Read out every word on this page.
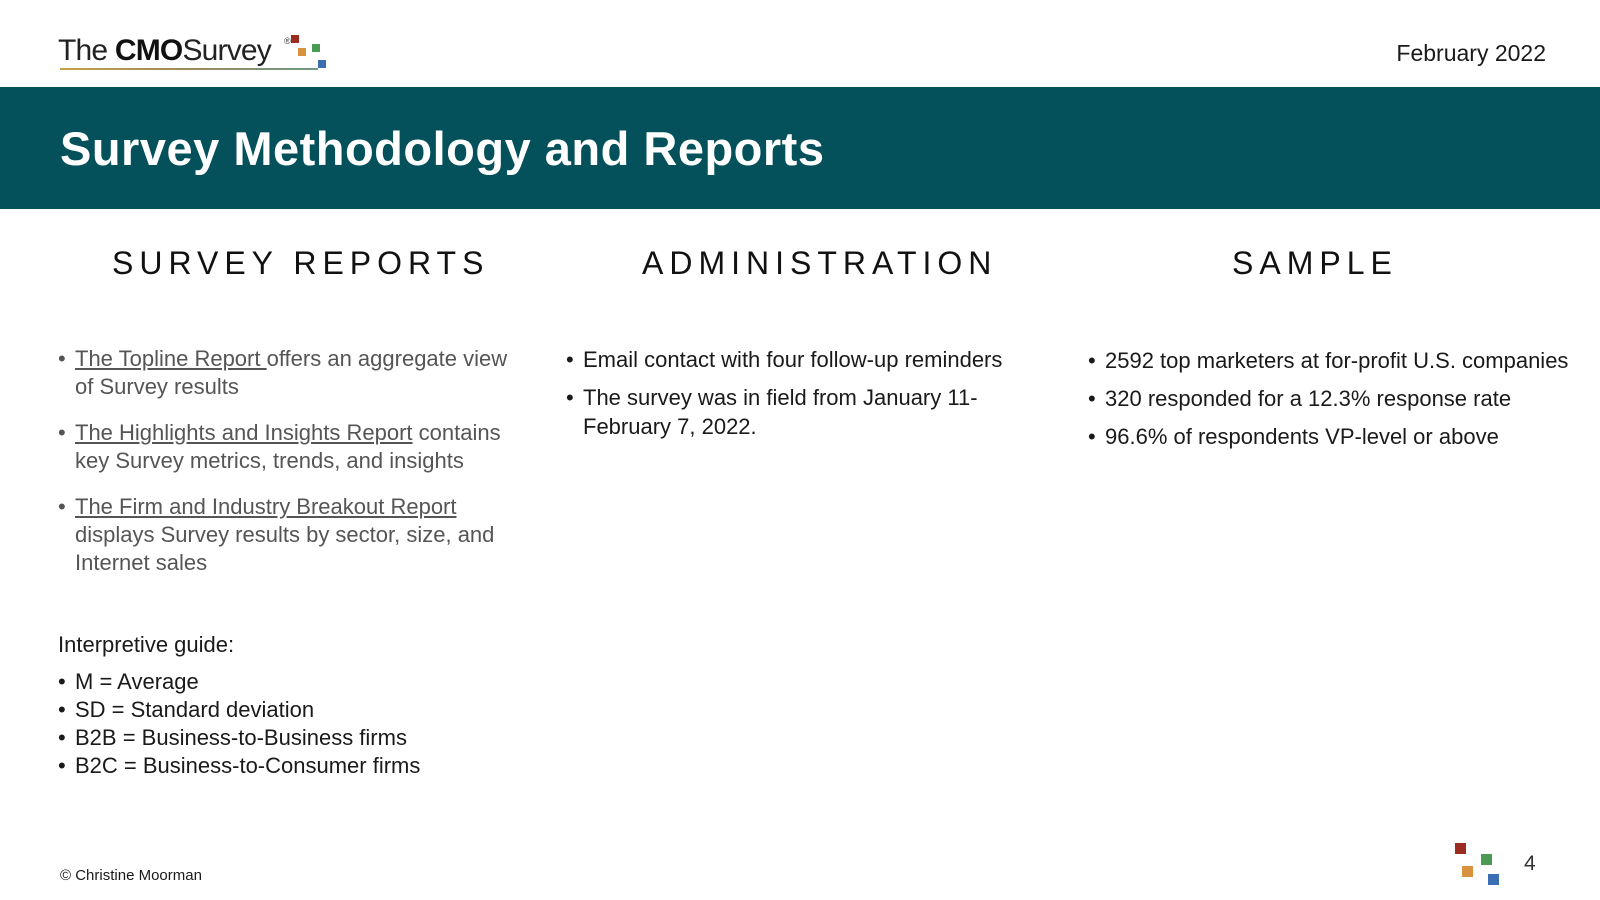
The CMOSurvey ®	February 2022
Survey Methodology and Reports
SURVEY REPORTS	ADMINISTRATION	SAMPLE
• The Topline Report offers an aggregate view of Survey results
• The Highlights and Insights Report contains key Survey metrics, trends, and insights
• The Firm and Industry Breakout Report displays Survey results by sector, size, and Internet sales
Interpretive guide:
• M = Average
• SD = Standard deviation
• B2B = Business-to-Business firms
• B2C = Business-to-Consumer firms
• Email contact with four follow-up reminders
• The survey was in field from January 11-February 7, 2022.
• 2592 top marketers at for-profit U.S. companies
• 320 responded for a 12.3% response rate
• 96.6% of respondents VP-level or above
© Christine Moorman
4
